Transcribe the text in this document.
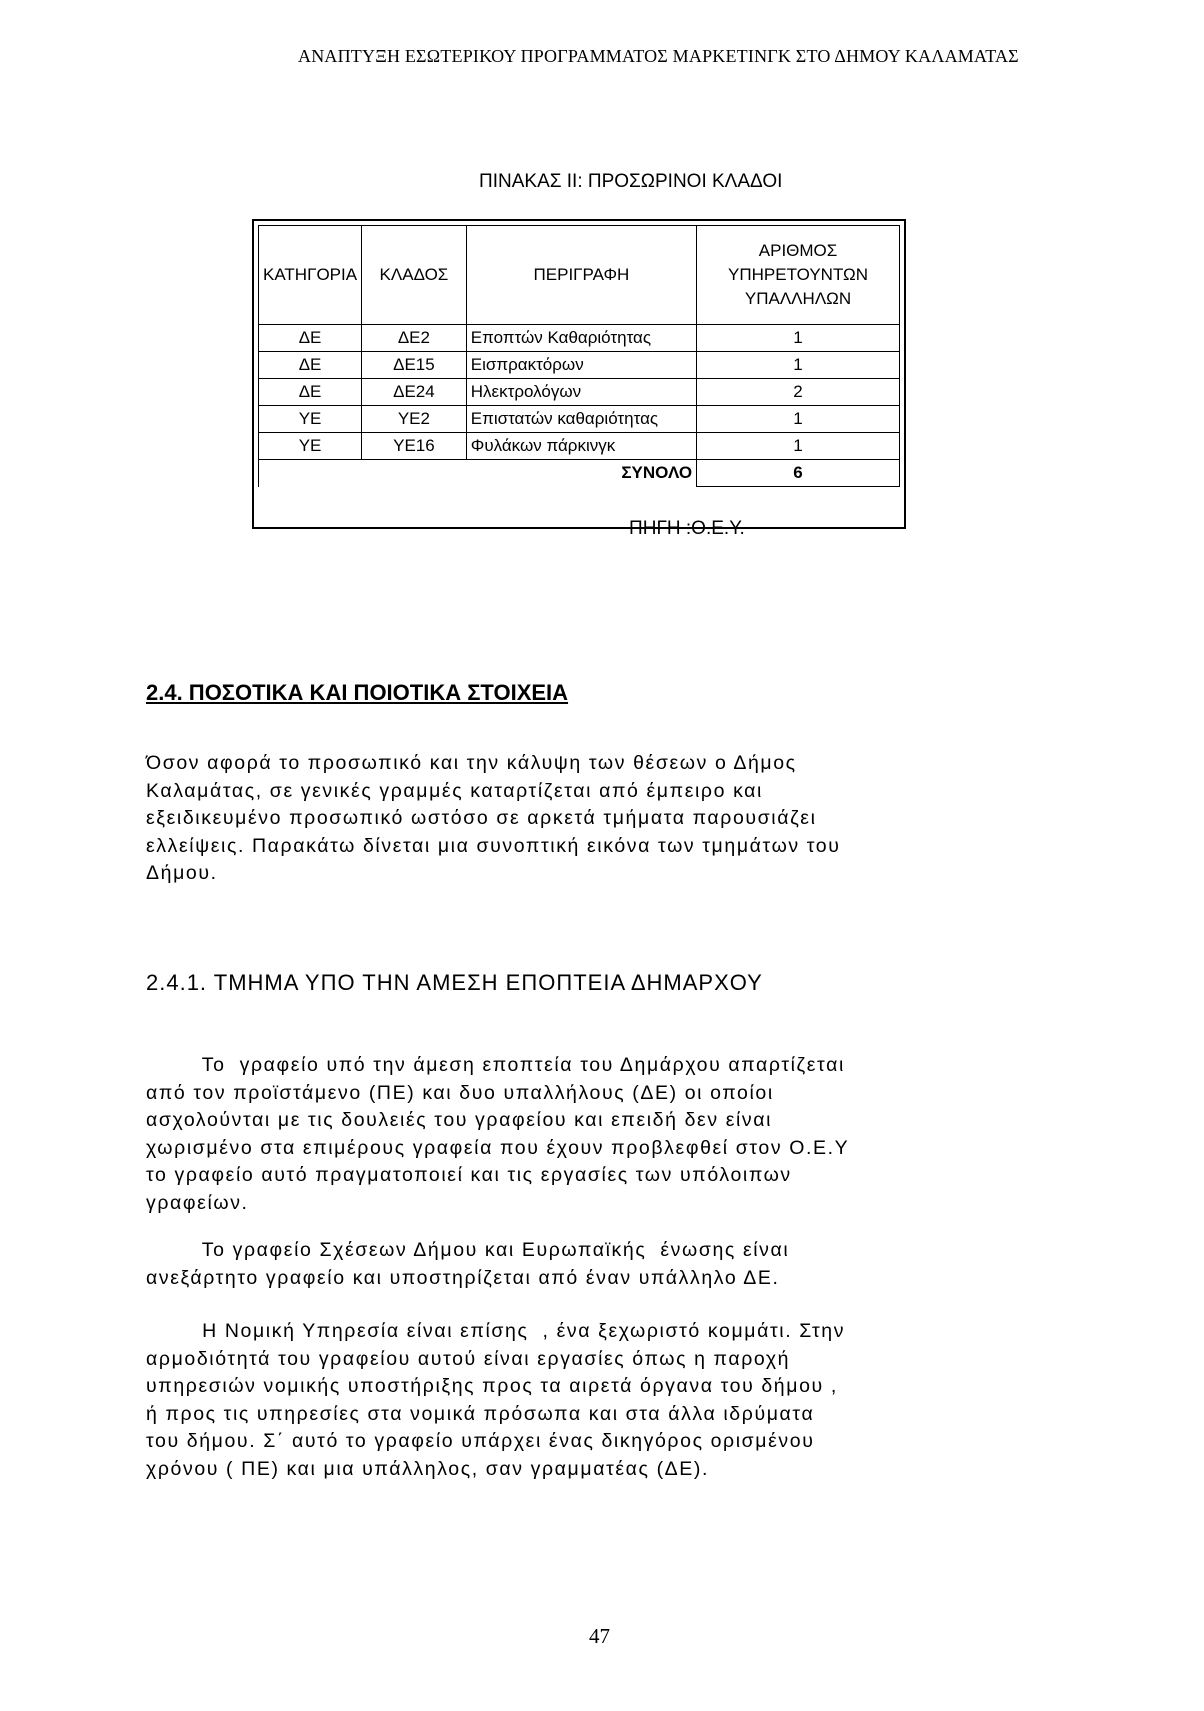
ΑΝΑΠΤΥΞΗ ΕΣΩΤΕΡΙΚΟΥ ΠΡΟΓΡΑΜΜΑΤΟΣ ΜΑΡΚΕΤΙΝΓΚ ΣΤΟ ΔΗΜΟΥ ΚΑΛΑΜΑΤΑΣ
ΠΙΝΑΚΑΣ ΙΙ: ΠΡΟΣΩΡΙΝΟΙ ΚΛΑΔΟΙ
ΚΑΤΗΓΟΡΙΑ	ΚΛΑΔΟΣ	ΠΕΡΙΓΡΑΦΗ	ΑΡΙΘΜΟΣ ΥΠΗΡΕΤΟΥΝΤΩΝ ΥΠΑΛΛΗΛΩΝ
ΔΕ	ΔΕ2	Εποπτών Καθαριότητας	1
ΔΕ	ΔΕ15	Εισπρακτόρων	1
ΔΕ	ΔΕ24	Ηλεκτρολόγων	2
ΥΕ	ΥΕ2	Επιστατών καθαριότητας	1
ΥΕ	ΥΕ16	Φυλάκων πάρκινγκ	1
		ΣΥΝΟΛΟ	6
ΠΗΓΗ :Ο.Ε.Υ.
2.4. ΠΟΣΟΤΙΚΑ ΚΑΙ ΠΟΙΟΤΙΚΑ ΣΤΟΙΧΕΙΑ
Όσον αφορά το προσωπικό και την κάλυψη των θέσεων ο Δήμος
Καλαμάτας, σε γενικές γραμμές καταρτίζεται από έμπειρο και
εξειδικευμένο προσωπικό ωστόσο σε αρκετά τμήματα παρουσιάζει
ελλείψεις. Παρακάτω δίνεται μια συνοπτική εικόνα των τμημάτων του
Δήμου.
2.4.1. ΤΜΗΜΑ ΥΠΟ ΤΗΝ ΑΜΕΣΗ ΕΠΟΠΤΕΙΑ ΔΗΜΑΡΧΟΥ
Το  γραφείο υπό την άμεση εποπτεία του Δημάρχου απαρτίζεται
από τον προϊστάμενο (ΠΕ) και δυο υπαλλήλους (ΔΕ) οι οποίοι
ασχολούνται με τις δουλειές του γραφείου και επειδή δεν είναι
χωρισμένο στα επιμέρους γραφεία που έχουν προβλεφθεί στον Ο.Ε.Υ
το γραφείο αυτό πραγματοποιεί και τις εργασίες των υπόλοιπων
γραφείων.
Το γραφείο Σχέσεων Δήμου και Ευρωπαϊκής  ένωσης είναι
ανεξάρτητο γραφείο και υποστηρίζεται από έναν υπάλληλο ΔΕ.
Η Νομική Υπηρεσία είναι επίσης  , ένα ξεχωριστό κομμάτι. Στην
αρμοδιότητά του γραφείου αυτού είναι εργασίες όπως η παροχή
υπηρεσιών νομικής υποστήριξης προς τα αιρετά όργανα του δήμου ,
ή προς τις υπηρεσίες στα νομικά πρόσωπα και στα άλλα ιδρύματα
του δήμου. Σ΄ αυτό το γραφείο υπάρχει ένας δικηγόρος ορισμένου
χρόνου ( ΠΕ) και μια υπάλληλος, σαν γραμματέας (ΔΕ).
47
